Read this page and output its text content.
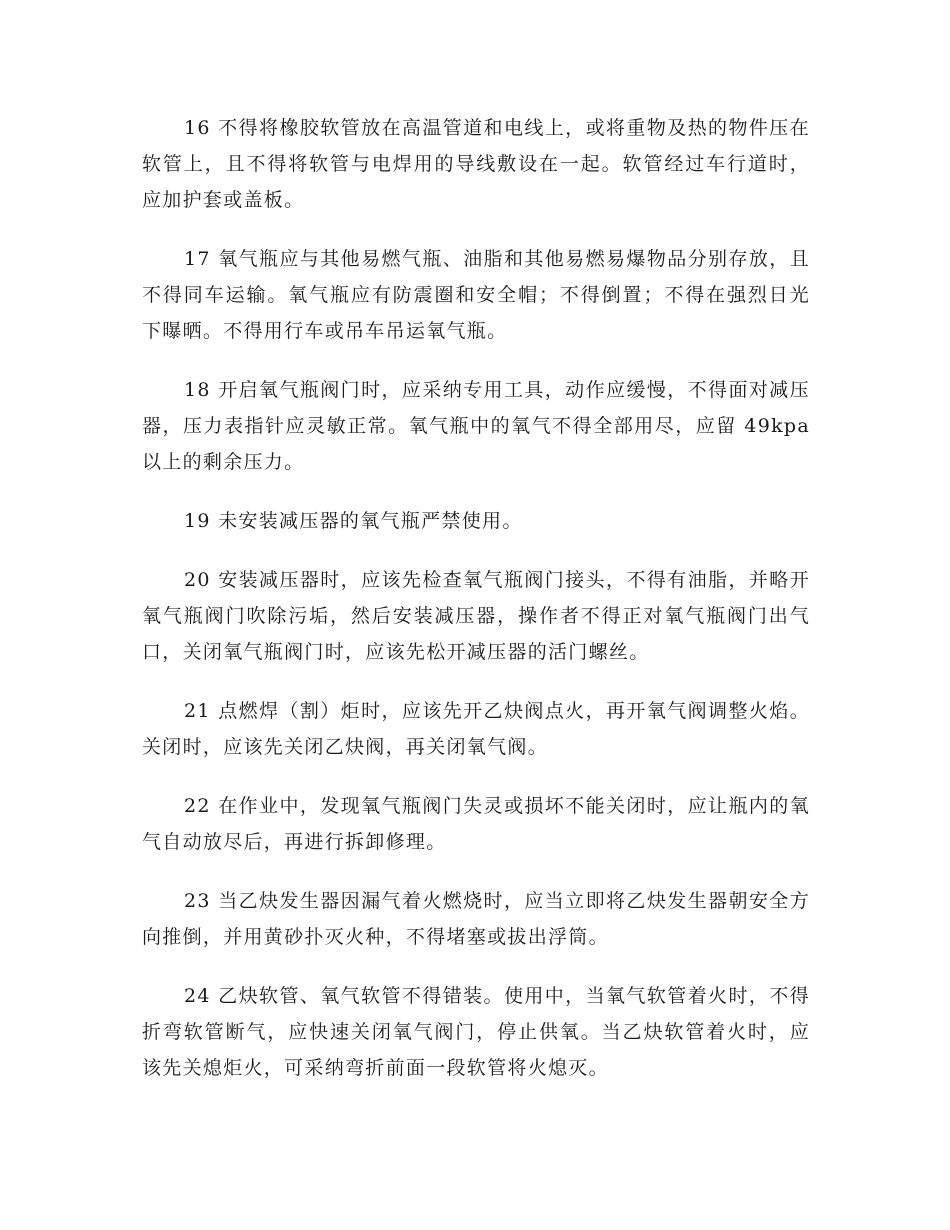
16 不得将橡胶软管放在高温管道和电线上，或将重物及热的物件压在软管上，且不得将软管与电焊用的导线敷设在一起。软管经过车行道时，应加护套或盖板。

17 氧气瓶应与其他易燃气瓶、油脂和其他易燃易爆物品分别存放，且不得同车运输。氧气瓶应有防震圈和安全帽；不得倒置；不得在强烈日光下曝晒。不得用行车或吊车吊运氧气瓶。

18 开启氧气瓶阀门时，应采纳专用工具，动作应缓慢，不得面对减压器，压力表指针应灵敏正常。氧气瓶中的氧气不得全部用尽，应留 49kpa 以上的剩余压力。

19 未安装减压器的氧气瓶严禁使用。

20 安装减压器时，应该先检查氧气瓶阀门接头，不得有油脂，并略开氧气瓶阀门吹除污垢，然后安装减压器，操作者不得正对氧气瓶阀门出气口，关闭氧气瓶阀门时，应该先松开减压器的活门螺丝。

21 点燃焊（割）炬时，应该先开乙炔阀点火，再开氧气阀调整火焰。关闭时，应该先关闭乙炔阀，再关闭氧气阀。

22 在作业中，发现氧气瓶阀门失灵或损坏不能关闭时，应让瓶内的氧气自动放尽后，再进行拆卸修理。

23 当乙炔发生器因漏气着火燃烧时，应当立即将乙炔发生器朝安全方向推倒，并用黄砂扑灭火种，不得堵塞或拔出浮筒。

24 乙炔软管、氧气软管不得错装。使用中，当氧气软管着火时，不得折弯软管断气，应快速关闭氧气阀门，停止供氧。当乙炔软管着火时，应该先关熄炬火，可采纳弯折前面一段软管将火熄灭。
